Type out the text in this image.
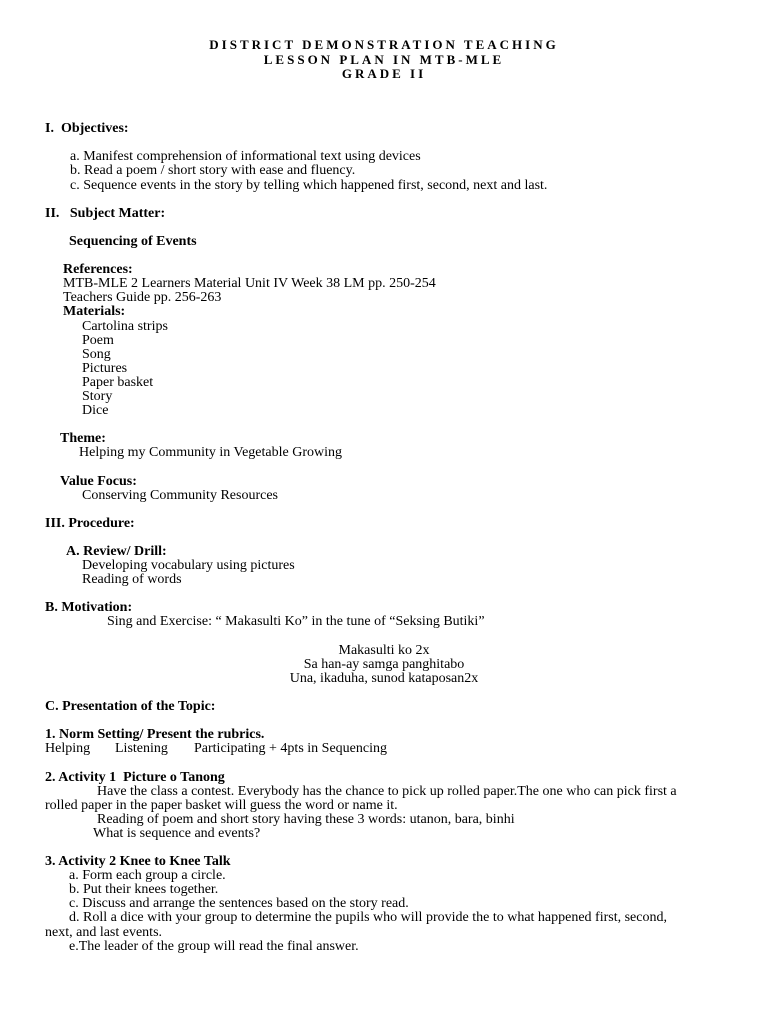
DISTRICT DEMONSTRATION TEACHING
LESSON PLAN IN MTB-MLE
GRADE II
I.  Objectives:
a. Manifest comprehension of informational text using devices
b. Read a poem / short story with ease and fluency.
c. Sequence events in the story by telling which happened first, second, next and last.
II.   Subject Matter:
Sequencing of Events
References:
MTB-MLE 2 Learners Material Unit IV Week 38 LM pp. 250-254
Teachers Guide pp. 256-263
Materials:
Cartolina strips
Poem
Song
Pictures
Paper basket
Story
Dice
Theme:
Helping my Community in Vegetable Growing
Value Focus:
Conserving Community Resources
III. Procedure:
A. Review/ Drill:
Developing vocabulary using pictures
Reading of words
B. Motivation:
Sing and Exercise: “ Makasulti Ko” in the tune of “Seksing Butiki”
Makasulti ko 2x
Sa han-ay samga panghitabo
Una, ikaduha, sunod kataposan2x
C. Presentation of the Topic:
1. Norm Setting/ Present the rubrics.
Helping Listening Participating + 4pts in Sequencing
2. Activity 1  Picture o Tanong
Have the class a contest. Everybody has the chance to pick up rolled paper.The one who can pick first a
rolled paper in the paper basket will guess the word or name it.
Reading of poem and short story having these 3 words: utanon, bara, binhi
What is sequence and events?
3. Activity 2 Knee to Knee Talk
a. Form each group a circle.
b. Put their knees together.
c. Discuss and arrange the sentences based on the story read.
d. Roll a dice with your group to determine the pupils who will provide the to what happened first, second,
next, and last events.
e.The leader of the group will read the final answer.
